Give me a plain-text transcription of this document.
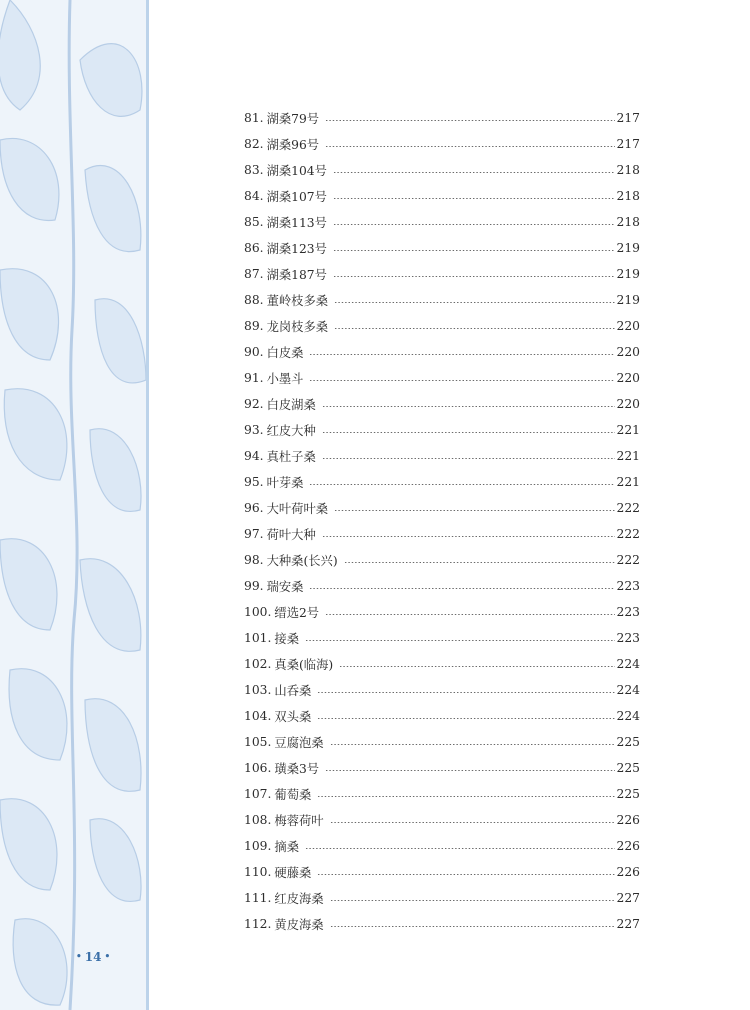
81. 湖桑79号	217
82. 湖桑96号	217
83. 湖桑104号	218
84. 湖桑107号	218
85. 湖桑113号	218
86. 湖桑123号	219
87. 湖桑187号	219
88. 董岭枝多桑	219
89. 龙岗枝多桑	220
90. 白皮桑	220
91. 小墨斗	220
92. 白皮湖桑	220
93. 红皮大种	221
94. 真杜子桑	221
95. 叶芽桑	221
96. 大叶荷叶桑	222
97. 荷叶大种	222
98. 大种桑(长兴)	222
99. 瑞安桑	223
100. 缙选2号	223
101. 接桑	223
102. 真桑(临海)	224
103. 山呑桑	224
104. 双头桑	224
105. 豆腐泡桑	225
106. 璜桑3号	225
107. 葡萄桑	225
108. 梅蓉荷叶	226
109. 摘桑	226
110. 硬藤桑	226
111. 红皮海桑	227
112. 黄皮海桑	227
• 14 •
